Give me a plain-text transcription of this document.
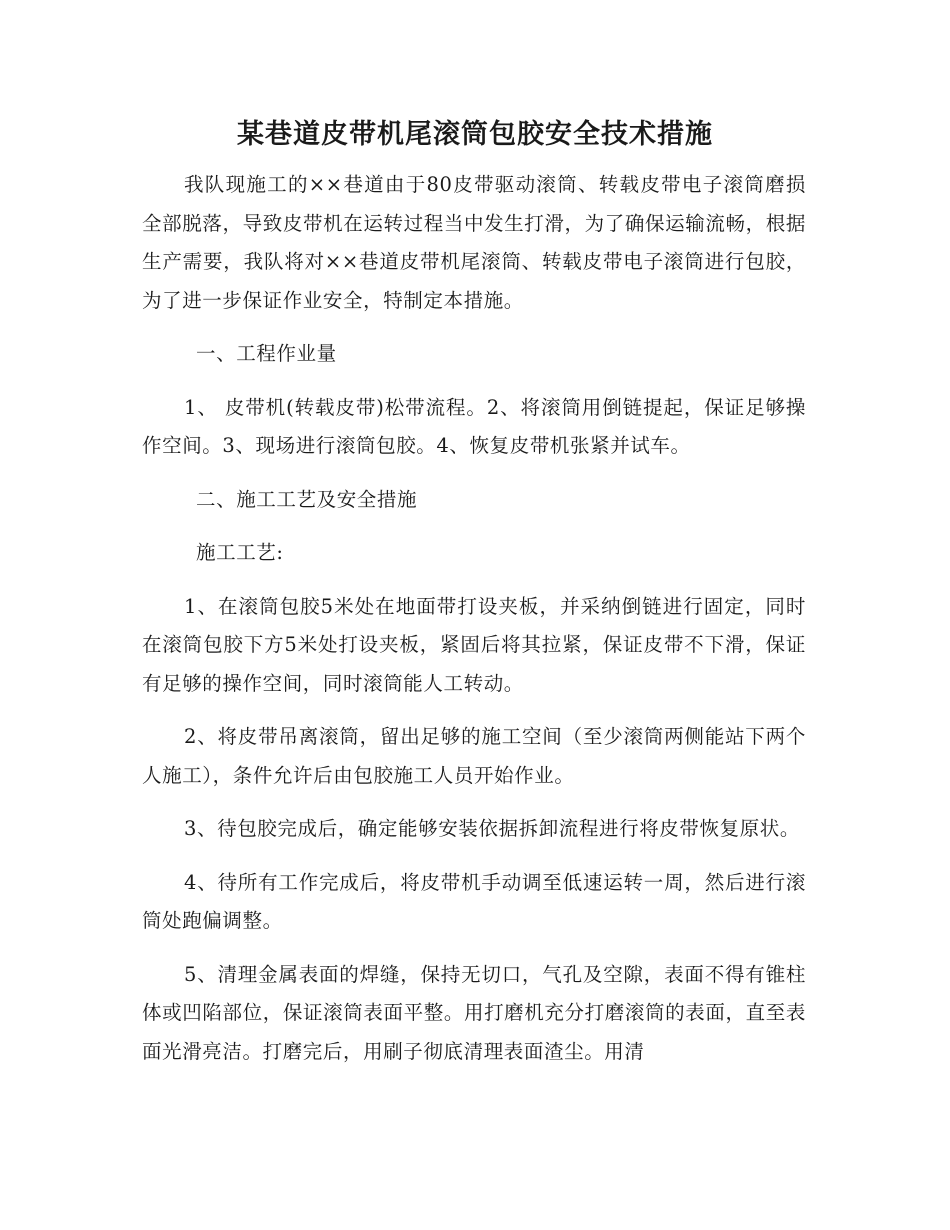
某巷道皮带机尾滚筒包胶安全技术措施

我队现施工的××巷道由于80皮带驱动滚筒、转载皮带电子滚筒磨损全部脱落，导致皮带机在运转过程当中发生打滑，为了确保运输流畅，根据生产需要，我队将对××巷道皮带机尾滚筒、转载皮带电子滚筒进行包胶，为了进一步保证作业安全，特制定本措施。

一、工程作业量

1、 皮带机(转载皮带)松带流程。2、将滚筒用倒链提起，保证足够操作空间。3、现场进行滚筒包胶。4、恢复皮带机张紧并试车。

二、施工工艺及安全措施

施工工艺:

1、在滚筒包胶5米处在地面带打设夹板，并采纳倒链进行固定，同时在滚筒包胶下方5米处打设夹板，紧固后将其拉紧，保证皮带不下滑，保证有足够的操作空间，同时滚筒能人工转动。

2、将皮带吊离滚筒，留出足够的施工空间（至少滚筒两侧能站下两个人施工），条件允许后由包胶施工人员开始作业。

3、待包胶完成后，确定能够安装依据拆卸流程进行将皮带恢复原状。

4、待所有工作完成后，将皮带机手动调至低速运转一周，然后进行滚筒处跑偏调整。

5、清理金属表面的焊缝，保持无切口，气孔及空隙，表面不得有锥柱体或凹陷部位，保证滚筒表面平整。用打磨机充分打磨滚筒的表面，直至表面光滑亮洁。打磨完后，用刷子彻底清理表面渣尘。用清
